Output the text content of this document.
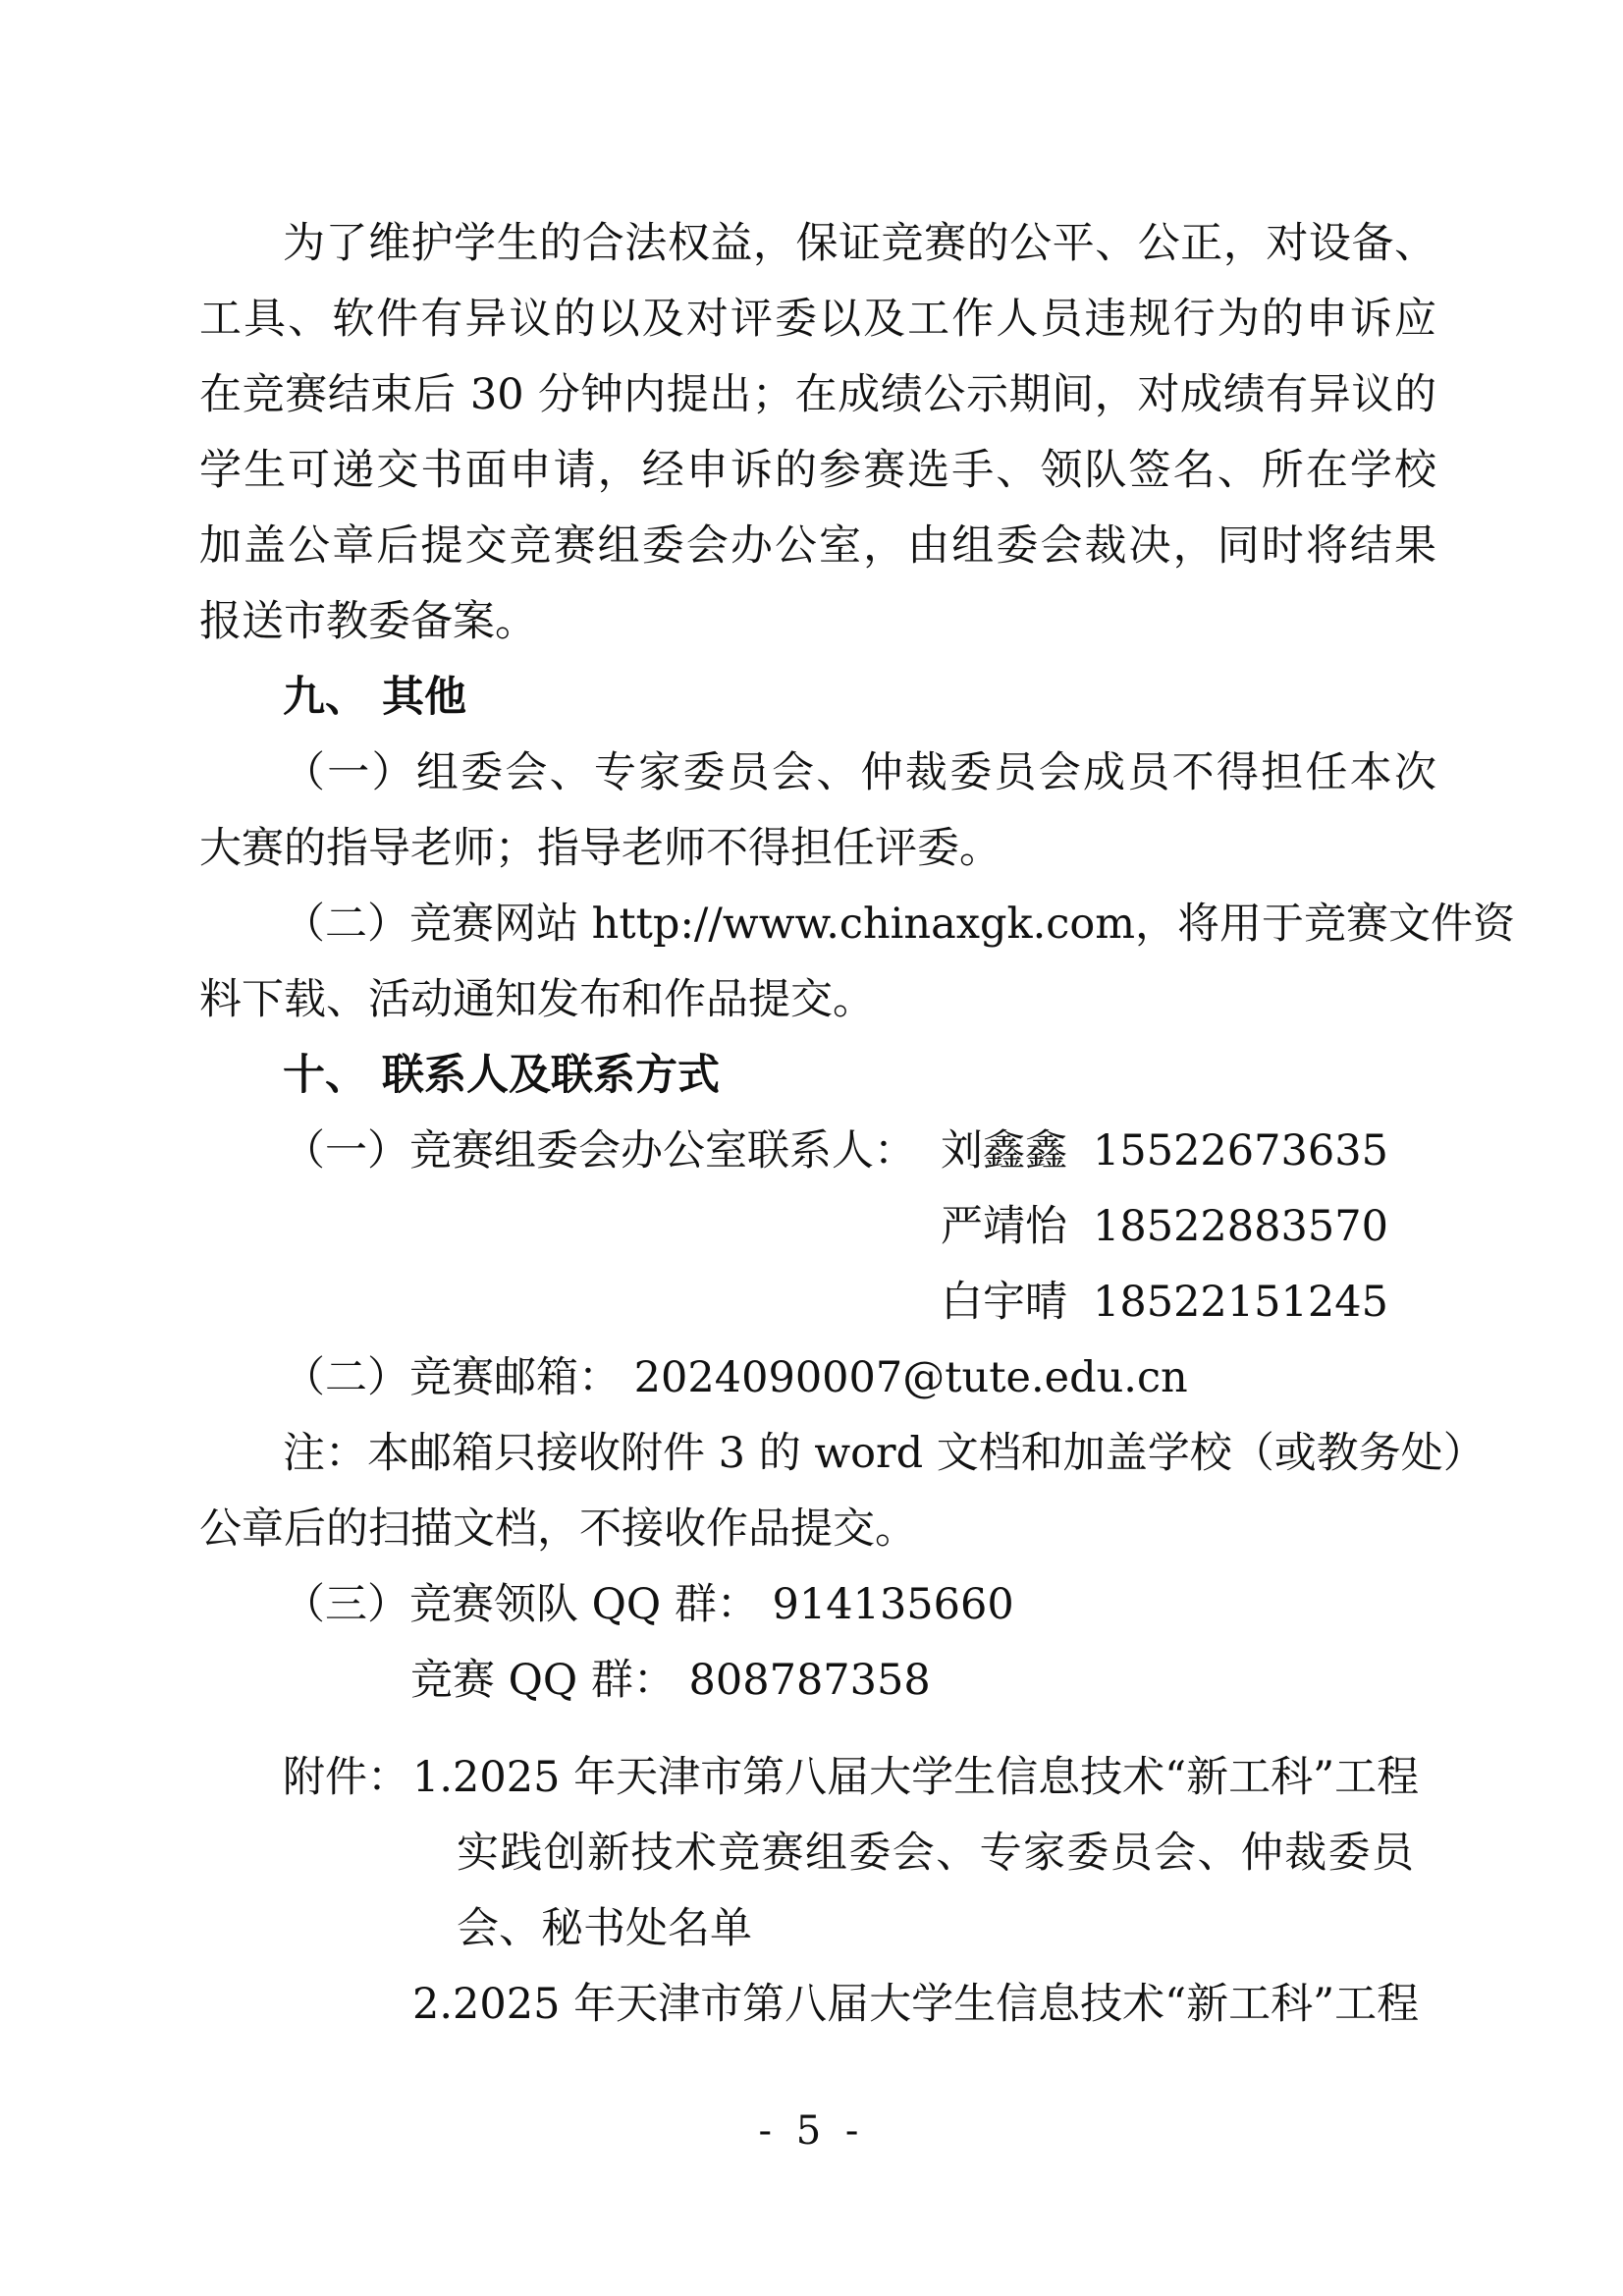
为了维护学生的合法权益，保证竞赛的公平、公正，对设备、
工具、软件有异议的以及对评委以及工作人员违规行为的申诉应
在竞赛结束后 30 分钟内提出；在成绩公示期间，对成绩有异议的
学生可递交书面申请，经申诉的参赛选手、领队签名、所在学校
加盖公章后提交竞赛组委会办公室，由组委会裁决，同时将结果
报送市教委备案。
九、 其他
（一）组委会、专家委员会、仲裁委员会成员不得担任本次
大赛的指导老师；指导老师不得担任评委。
（二）竞赛网站 http://www.chinaxgk.com，将用于竞赛文件资
料下载、活动通知发布和作品提交。
十、 联系人及联系方式
（一）竞赛组委会办公室联系人： 刘鑫鑫 15522673635
严靖怡 18522883570
白宇晴 18522151245
（二）竞赛邮箱： 2024090007@tute.edu.cn
注：本邮箱只接收附件 3 的 word 文档和加盖学校（或教务处）
公章后的扫描文档，不接收作品提交。
（三）竞赛领队 QQ 群： 914135660
竞赛 QQ 群： 808787358
附件： 1.2025 年天津市第八届大学生信息技术“新工科”工程
实践创新技术竞赛组委会、专家委员会、仲裁委员
会、秘书处名单
2.2025 年天津市第八届大学生信息技术“新工科”工程
- 5 -
